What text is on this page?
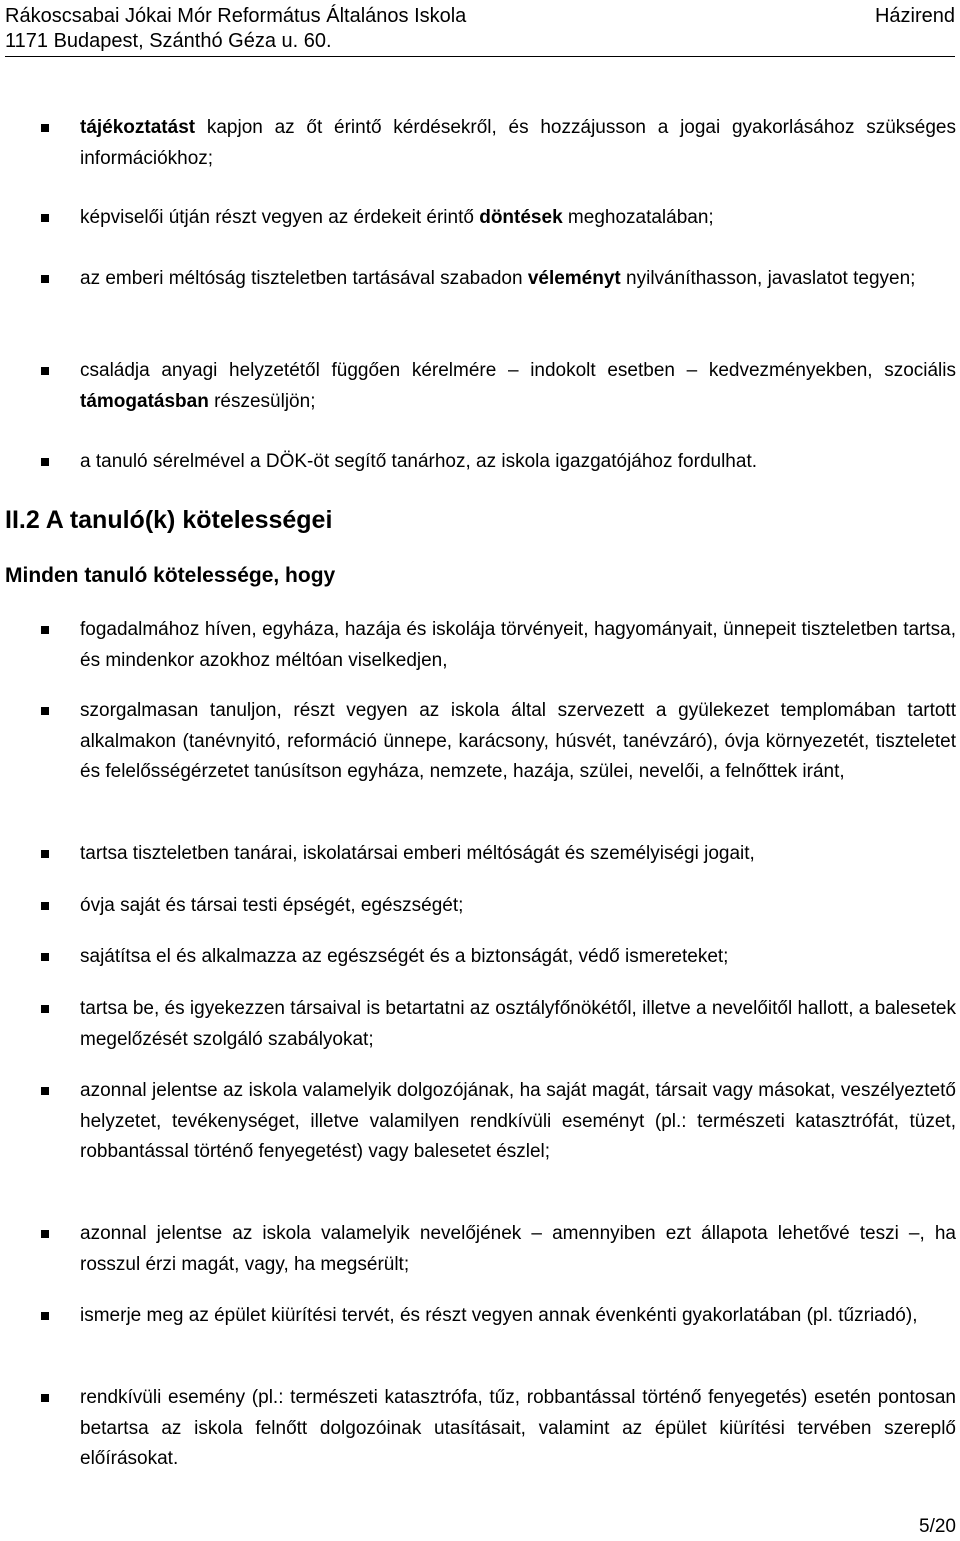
Rákoscsabai Jókai Mór Református Általános Iskola	Házirend
1171 Budapest, Szánthó Géza u. 60.
tájékoztatást kapjon az őt érintő kérdésekről, és hozzájusson a jogai gyakorlásához szükséges információkhoz;
képviselői útján részt vegyen az érdekeit érintő döntések meghozatalában;
az emberi méltóság tiszteletben tartásával szabadon véleményt nyilváníthasson, javaslatot tegyen;
családja anyagi helyzetétől függően kérelmére – indokolt esetben – kedvezményekben, szociális támogatásban részesüljön;
a tanuló sérelmével a DÖK-öt segítő tanárhoz, az iskola igazgatójához fordulhat.
II.2 A tanuló(k) kötelességei
Minden tanuló kötelessége, hogy
fogadalmához híven, egyháza, hazája és iskolája törvényeit, hagyományait, ünnepeit tiszteletben tartsa, és mindenkor azokhoz méltóan viselkedjen,
szorgalmasan tanuljon, részt vegyen az iskola által szervezett a gyülekezet templomában tartott alkalmakon (tanévnyitó, reformáció ünnepe, karácsony, húsvét, tanévzáró), óvja környezetét, tiszteletet és felelősségérzetet tanúsítson egyháza, nemzete, hazája, szülei, nevelői, a felnőttek iránt,
tartsa tiszteletben tanárai, iskolatársai emberi méltóságát és személyiségi jogait,
óvja saját és társai testi épségét, egészségét;
sajátítsa el és alkalmazza az egészségét és a biztonságát, védő ismereteket;
tartsa be, és igyekezzen társaival is betartatni az osztályfőnökétől, illetve a nevelőitől hallott, a balesetek megelőzését szolgáló szabályokat;
azonnal jelentse az iskola valamelyik dolgozójának, ha saját magát, társait vagy másokat, veszélyeztető helyzetet, tevékenységet, illetve valamilyen rendkívüli eseményt (pl.: természeti katasztrófát, tüzet, robbantással történő fenyegetést) vagy balesetet észlel;
azonnal jelentse az iskola valamelyik nevelőjének – amennyiben ezt állapota lehetővé teszi –, ha rosszul érzi magát, vagy, ha megsérült;
ismerje meg az épület kiürítési tervét, és részt vegyen annak évenkénti gyakorlatában (pl. tűzriadó),
rendkívüli esemény (pl.: természeti katasztrófa, tűz, robbantással történő fenyegetés) esetén pontosan betartsa az iskola felnőtt dolgozóinak utasításait, valamint az épület kiürítési tervében szereplő előírásokat.
5/20
